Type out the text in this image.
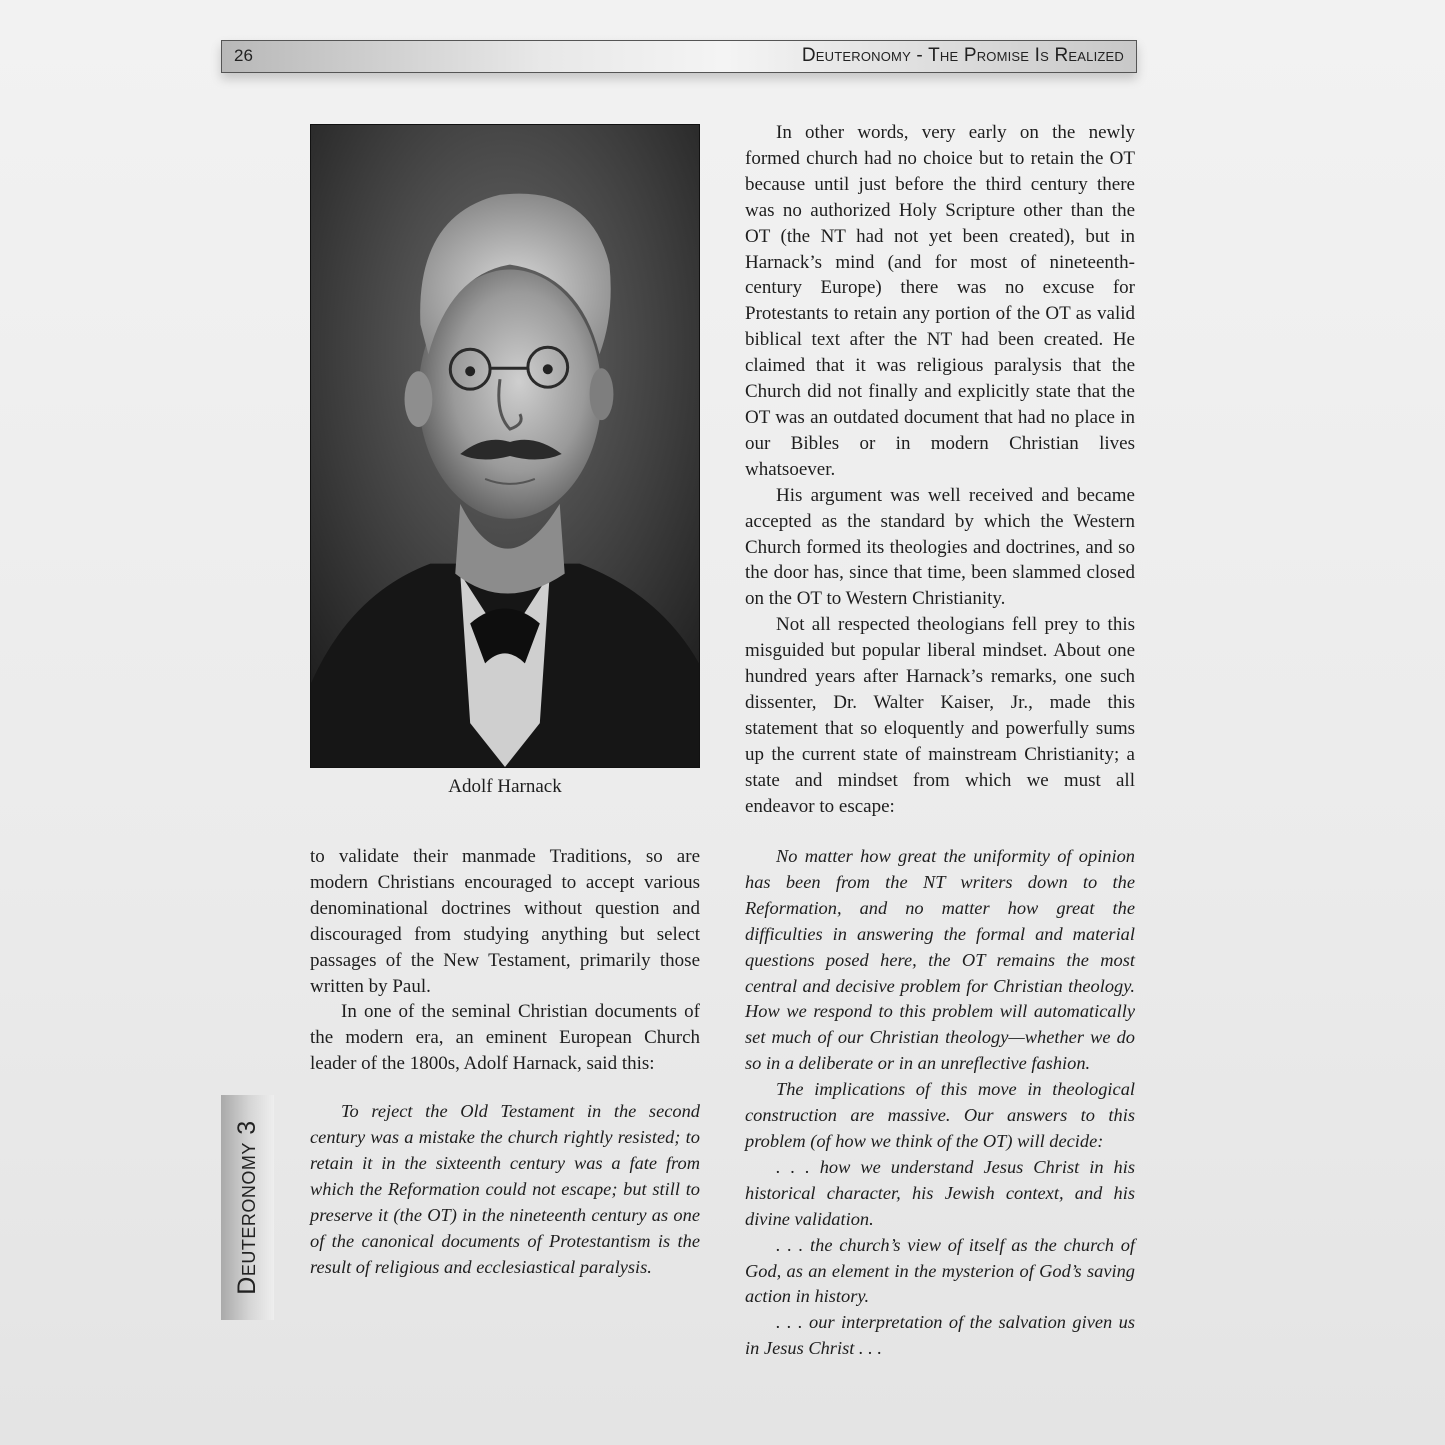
26	Deuteronomy - The Promise Is Realized
Adolf Harnack

In other words, very early on the newly formed church had no choice but to retain the OT because until just before the third century there was no authorized Holy Scripture other than the OT (the NT had not yet been created), but in Harnack’s mind (and for most of nineteenth-century Europe) there was no excuse for Protestants to retain any portion of the OT as valid biblical text after the NT had been created. He claimed that it was religious paralysis that the Church did not finally and explicitly state that the OT was an outdated document that had no place in our Bibles or in modern Christian lives whatsoever.

His argument was well received and became accepted as the standard by which the Western Church formed its theologies and doctrines, and so the door has, since that time, been slammed closed on the OT to Western Christianity.

Not all respected theologians fell prey to this misguided but popular liberal mindset. About one hundred years after Harnack’s remarks, one such dissenter, Dr. Walter Kaiser, Jr., made this statement that so eloquently and powerfully sums up the current state of mainstream Christianity; a state and mindset from which we must all endeavor to escape:

to validate their manmade Traditions, so are modern Christians encouraged to accept various denominational doctrines without question and discouraged from studying anything but select passages of the New Testament, primarily those written by Paul.

In one of the seminal Christian documents of the modern era, an eminent European Church leader of the 1800s, Adolf Harnack, said this:

To reject the Old Testament in the second century was a mistake the church rightly resisted; to retain it in the sixteenth century was a fate from which the Reformation could not escape; but still to preserve it (the OT) in the nineteenth century as one of the canonical documents of Protestantism is the result of religious and ecclesiastical paralysis.

No matter how great the uniformity of opinion has been from the NT writers down to the Reformation, and no matter how great the difficulties in answering the formal and material questions posed here, the OT remains the most central and decisive problem for Christian theology. How we respond to this problem will automatically set much of our Christian theology—whether we do so in a deliberate or in an unreflective fashion.

The implications of this move in theological construction are massive. Our answers to this problem (of how we think of the OT) will decide:

. . . how we understand Jesus Christ in his historical character, his Jewish context, and his divine validation.

. . . the church’s view of itself as the church of God, as an element in the mysterion of God’s saving action in history.

. . . our interpretation of the salvation given us in Jesus Christ . . .

Deuteronomy 3
